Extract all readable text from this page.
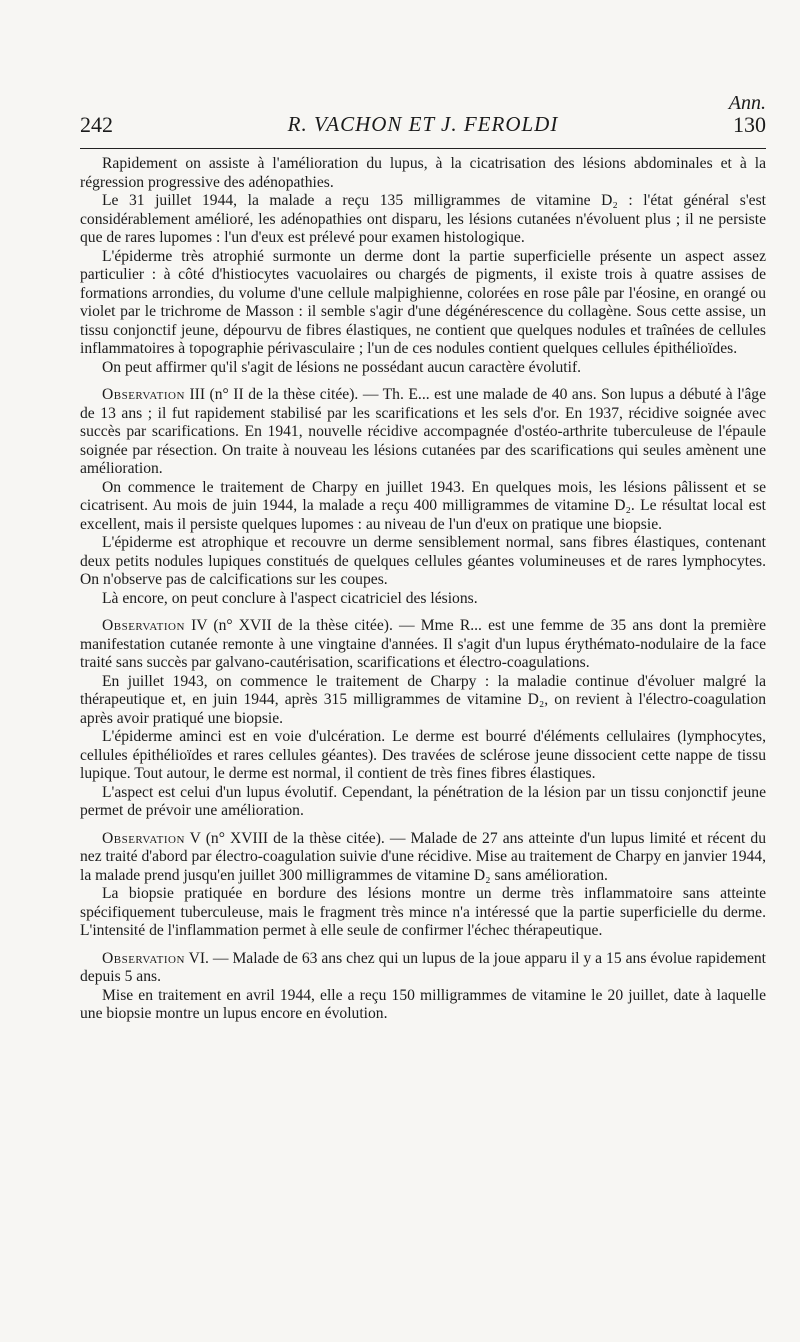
Ann.
242	R. VACHON ET J. FEROLDI	130

Rapidement on assiste à l'amélioration du lupus, à la cicatrisation des lésions abdominales et à la régression progressive des adénopathies.

Le 31 juillet 1944, la malade a reçu 135 milligrammes de vitamine D₂ : l'état général s'est considérablement amélioré, les adénopathies ont disparu, les lésions cutanées n'évoluent plus ; il ne persiste que de rares lupomes : l'un d'eux est prélevé pour examen histologique.

L'épiderme très atrophié surmonte un derme dont la partie superficielle présente un aspect assez particulier : à côté d'histiocytes vacuolaires ou chargés de pigments, il existe trois à quatre assises de formations arrondies, du volume d'une cellule malpighienne, colorées en rose pâle par l'éosine, en orangé ou violet par le trichrome de Masson : il semble s'agir d'une dégénérescence du collagène. Sous cette assise, un tissu conjonctif jeune, dépourvu de fibres élastiques, ne contient que quelques nodules et traînées de cellules inflammatoires à topographie périvasculaire ; l'un de ces nodules contient quelques cellules épithélioïdes.

On peut affirmer qu'il s'agit de lésions ne possédant aucun caractère évolutif.

Observation III (n° II de la thèse citée). — Th. E... est une malade de 40 ans. Son lupus a débuté à l'âge de 13 ans ; il fut rapidement stabilisé par les scarifications et les sels d'or. En 1937, récidive soignée avec succès par scarifications. En 1941, nouvelle récidive accompagnée d'ostéo-arthrite tuberculeuse de l'épaule soignée par résection. On traite à nouveau les lésions cutanées par des scarifications qui seules amènent une amélioration.

On commence le traitement de Charpy en juillet 1943. En quelques mois, les lésions pâlissent et se cicatrisent. Au mois de juin 1944, la malade a reçu 400 milligrammes de vitamine D₂. Le résultat local est excellent, mais il persiste quelques lupomes : au niveau de l'un d'eux on pratique une biopsie.

L'épiderme est atrophique et recouvre un derme sensiblement normal, sans fibres élastiques, contenant deux petits nodules lupiques constitués de quelques cellules géantes volumineuses et de rares lymphocytes. On n'observe pas de calcifications sur les coupes.

Là encore, on peut conclure à l'aspect cicatriciel des lésions.

Observation IV (n° XVII de la thèse citée). — Mme R... est une femme de 35 ans dont la première manifestation cutanée remonte à une vingtaine d'années. Il s'agit d'un lupus érythémato-nodulaire de la face traité sans succès par galvano-cautérisation, scarifications et électro-coagulations.

En juillet 1943, on commence le traitement de Charpy : la maladie continue d'évoluer malgré la thérapeutique et, en juin 1944, après 315 milligrammes de vitamine D₂, on revient à l'électro-coagulation après avoir pratiqué une biopsie.

L'épiderme aminci est en voie d'ulcération. Le derme est bourré d'éléments cellulaires (lymphocytes, cellules épithélioïdes et rares cellules géantes). Des travées de sclérose jeune dissocient cette nappe de tissu lupique. Tout autour, le derme est normal, il contient de très fines fibres élastiques.

L'aspect est celui d'un lupus évolutif. Cependant, la pénétration de la lésion par un tissu conjonctif jeune permet de prévoir une amélioration.

Observation V (n° XVIII de la thèse citée). — Malade de 27 ans atteinte d'un lupus limité et récent du nez traité d'abord par électro-coagulation suivie d'une récidive. Mise au traitement de Charpy en janvier 1944, la malade prend jusqu'en juillet 300 milligrammes de vitamine D₂ sans amélioration.

La biopsie pratiquée en bordure des lésions montre un derme très inflammatoire sans atteinte spécifiquement tuberculeuse, mais le fragment très mince n'a intéressé que la partie superficielle du derme. L'intensité de l'inflammation permet à elle seule de confirmer l'échec thérapeutique.

Observation VI. — Malade de 63 ans chez qui un lupus de la joue apparu il y a 15 ans évolue rapidement depuis 5 ans.

Mise en traitement en avril 1944, elle a reçu 150 milligrammes de vitamine le 20 juillet, date à laquelle une biopsie montre un lupus encore en évolution.
